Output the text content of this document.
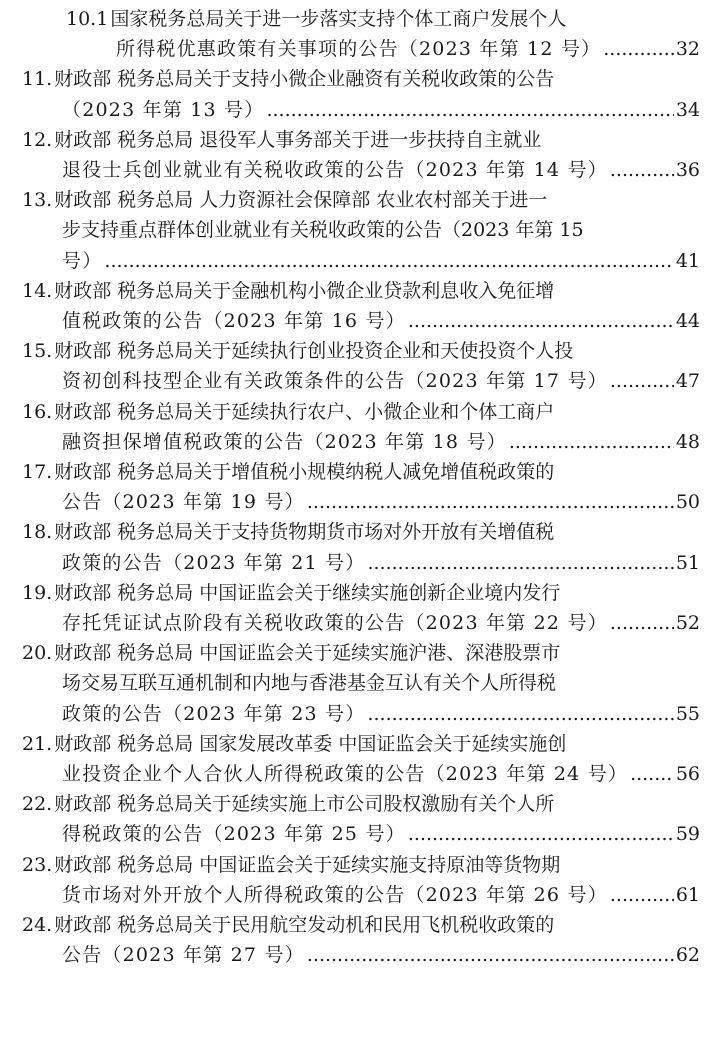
10.1 国家税务总局关于进一步落实支持个体工商户发展个人
所得税优惠政策有关事项的公告（2023 年第 12 号） .....	32
11. 财政部 税务总局关于支持小微企业融资有关税收政策的公告
（2023 年第 13 号） .....	34
12. 财政部 税务总局 退役军人事务部关于进一步扶持自主就业
退役士兵创业就业有关税收政策的公告（2023 年第 14 号） .....	36
13. 财政部 税务总局 人力资源社会保障部 农业农村部关于进一
步支持重点群体创业就业有关税收政策的公告（2023 年第 15
号） .....	41
14. 财政部 税务总局关于金融机构小微企业贷款利息收入免征增
值税政策的公告（2023 年第 16 号） .....	44
15. 财政部 税务总局关于延续执行创业投资企业和天使投资个人投
资初创科技型企业有关政策条件的公告（2023 年第 17 号） .....	47
16. 财政部 税务总局关于延续执行农户、小微企业和个体工商户
融资担保增值税政策的公告（2023 年第 18 号） .....	48
17. 财政部 税务总局关于增值税小规模纳税人减免增值税政策的
公告（2023 年第 19 号） .....	50
18. 财政部 税务总局关于支持货物期货市场对外开放有关增值税
政策的公告（2023 年第 21 号） .....	51
19. 财政部 税务总局 中国证监会关于继续实施创新企业境内发行
存托凭证试点阶段有关税收政策的公告（2023 年第 22 号） .....	52
20. 财政部 税务总局 中国证监会关于延续实施沪港、深港股票市
场交易互联互通机制和内地与香港基金互认有关个人所得税
政策的公告（2023 年第 23 号） .....	55
21. 财政部 税务总局 国家发展改革委 中国证监会关于延续实施创
业投资企业个人合伙人所得税政策的公告（2023 年第 24 号） .....	56
22. 财政部 税务总局关于延续实施上市公司股权激励有关个人所
得税政策的公告（2023 年第 25 号） .....	59
23. 财政部 税务总局 中国证监会关于延续实施支持原油等货物期
货市场对外开放个人所得税政策的公告（2023 年第 26 号） .....	61
24. 财政部 税务总局关于民用航空发动机和民用飞机税收政策的
公告（2023 年第 27 号） .....	62
